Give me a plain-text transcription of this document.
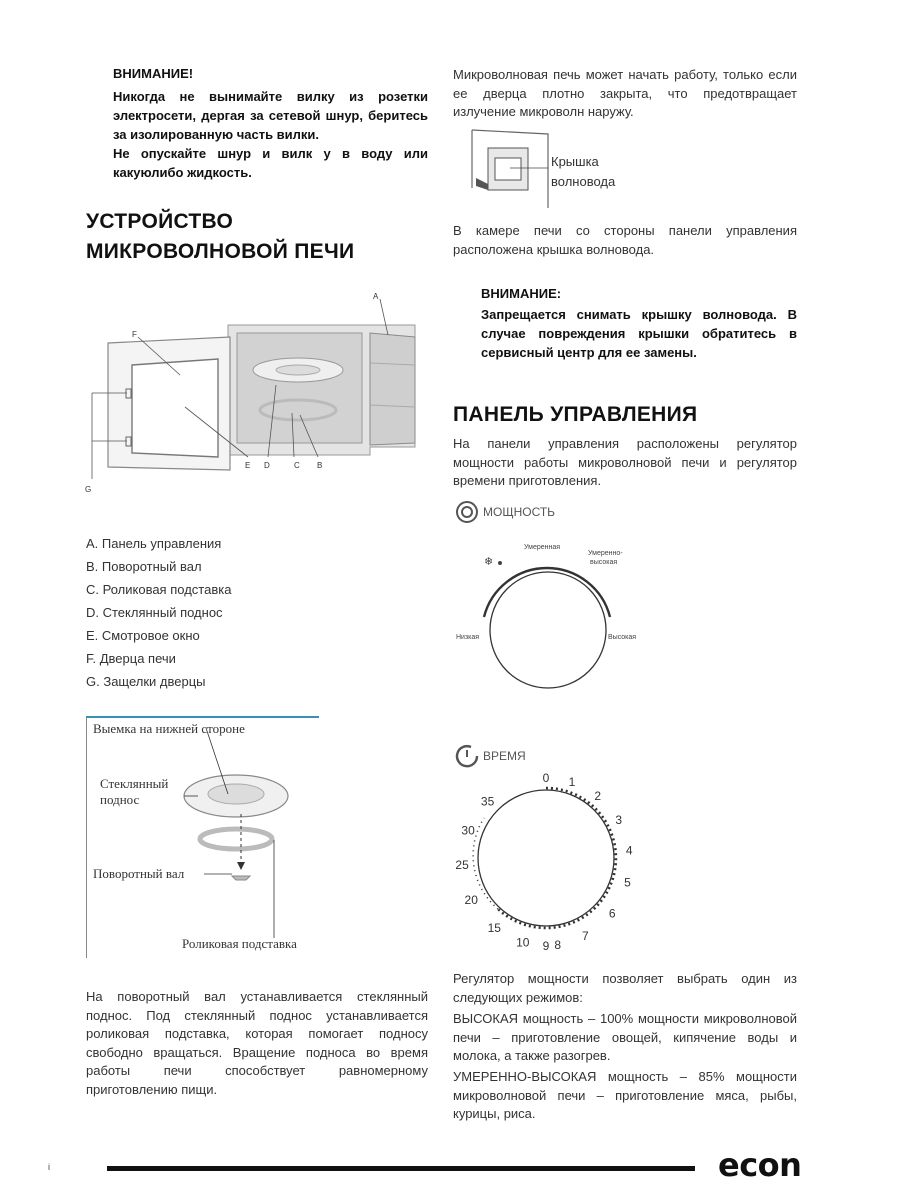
ВНИМАНИЕ!

Никогда не вынимайте вилку из розетки электросети, дергая за сетевой шнур, беритесь за изолированную часть вилки.

Не опускайте шнур и вилк у в воду или какуюлибо жидкость.

УСТРОЙСТВО
МИКРОВОЛНОВОЙ ПЕЧИ
A
F
G
E D	C B
A. Панель управления
B. Поворотный вал
C. Роликовая подставка
D. Стеклянный поднос
E. Смотровое окно
F. Дверца печи
G. Защелки дверцы
Выемка на нижней стороне
Стеклянный
поднос
Поворотный вал
Роликовая подставка

На поворотный вал устанавливается стеклянный поднос. Под стеклянный поднос устанавливается роликовая подставка, которая помогает подносу свободно вращаться. Вращение подноса во время работы печи способствует равномерному приготовлению пищи.

Микроволновая печь может начать работу, только если ее дверца плотно закрыта, что предотвращает излучение микроволн наружу.

Крышка
волновода

В камере печи со стороны панели управления расположена крышка волновода.

ВНИМАНИЕ:

Запрещается снимать крышку волновода. В случае повреждения крышки обратитесь в сервисный центр для ее замены.

ПАНЕЛЬ УПРАВЛЕНИЯ

На панели управления расположены регулятор мощности работы микроволновой печи и регулятор времени приготовления.

МОЩНОСТЬ
Умеренная
Умеренно-
высокая
Низкая	Высокая
❄
ВРЕМЯ
0 1
2
3
4
5
6
7
8
9
10
15
20
25
30
35

Регулятор мощности позволяет выбрать один из следующих режимов:

ВЫСОКАЯ мощность – 100% мощности микроволновой печи – приготовление овощей, кипячение воды и молока, а также разогрев.

УМЕРЕННО-ВЫСОКАЯ мощность – 85% мощности микроволновой печи – приготовление мяса, рыбы, курицы, риса.

i	econ
